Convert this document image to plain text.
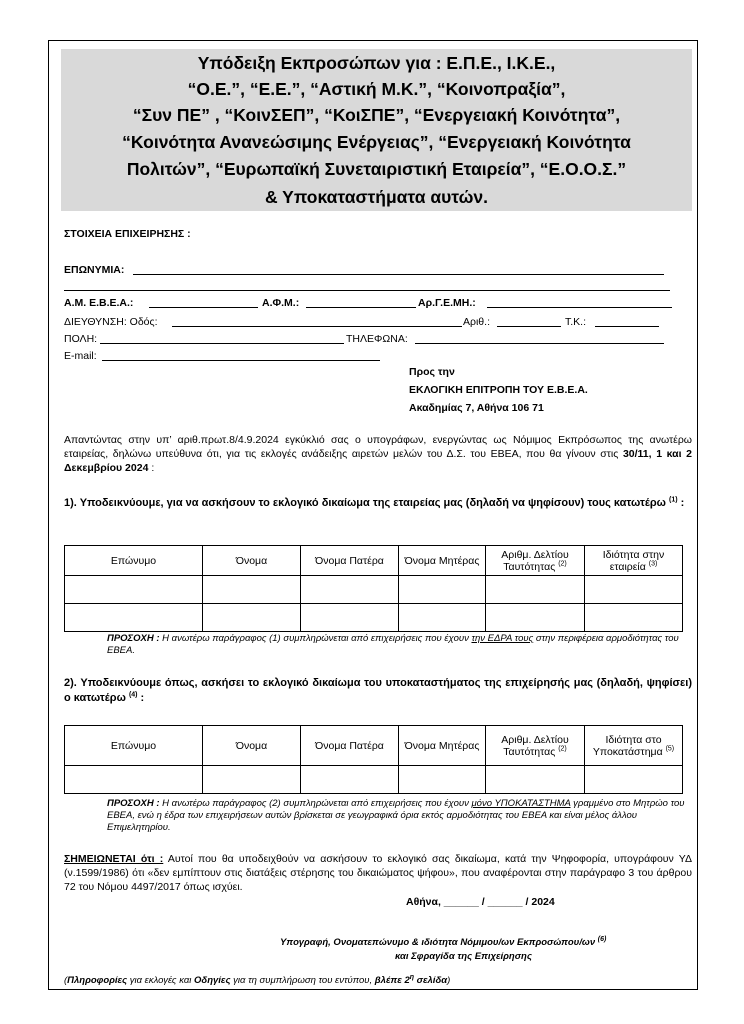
Υπόδειξη Εκπροσώπων για : Ε.Π.Ε., Ι.Κ.Ε.,
“Ο.Ε.”, “Ε.Ε.”, “Αστική Μ.Κ.”, “Κοινοπραξία”,
“Συν ΠΕ” , “ΚοινΣΕΠ”, “ΚοιΣΠΕ”, “Ενεργειακή Κοινότητα”,
“Κοινότητα Ανανεώσιμης Ενέργειας”, “Ενεργειακή Κοινότητα
Πολιτών”, “Ευρωπαϊκή Συνεταιριστική Εταιρεία”, “Ε.Ο.Ο.Σ.”
& Υποκαταστήματα αυτών.
ΣΤΟΙΧΕΙΑ ΕΠΙΧΕΙΡΗΣΗΣ :
ΕΠΩΝΥΜΙΑ:
Α.Μ. Ε.Β.Ε.Α.:	Α.Φ.Μ.:	Αρ.Γ.Ε.ΜΗ.:
ΔΙΕΥΘΥΝΣΗ: Οδός:	Αριθ.:	Τ.Κ.:
ΠΟΛΗ:	ΤΗΛΕΦΩΝΑ:
E-mail:
Προς την
ΕΚΛΟΓΙΚΗ ΕΠΙΤΡΟΠΗ ΤΟΥ Ε.Β.Ε.Α.
Ακαδημίας 7, Αθήνα 106 71
Απαντώντας στην υπ’ αριθ.πρωτ.8/4.9.2024 εγκύκλιό σας ο υπογράφων, ενεργώντας ως Νόμιμος Εκπρόσωπος της ανωτέρω εταιρείας, δηλώνω υπεύθυνα ότι, για τις εκλογές ανάδειξης αιρετών μελών του Δ.Σ. του ΕΒΕΑ, που θα γίνουν στις 30/11, 1 και 2 Δεκεμβρίου 2024 :
1). Υποδεικνύουμε, για να ασκήσουν το εκλογικό δικαίωμα της εταιρείας μας (δηλαδή να ψηφίσουν) τους κατωτέρω $^{(1)}$ :
Επώνυμο	Όνομα	Όνομα Πατέρα	Όνομα Μητέρας	Αριθμ. Δελτίου Ταυτότητας $^{(2)}$	Ιδιότητα στην εταιρεία $^{(3)}$

ΠΡΟΣΟΧΗ : Η ανωτέρω παράγραφος (1) συμπληρώνεται από επιχειρήσεις που έχουν την ΕΔΡΑ τους στην περιφέρεια αρμοδιότητας του ΕΒΕΑ.
2). Υποδεικνύουμε όπως, ασκήσει το εκλογικό δικαίωμα του υποκαταστήματος της επιχείρησής μας (δηλαδή, ψηφίσει) ο κατωτέρω $^{(4)}$ :
Επώνυμο	Όνομα	Όνομα Πατέρα	Όνομα Μητέρας	Αριθμ. Δελτίου Ταυτότητας $^{(2)}$	Ιδιότητα στο Υποκατάστημα $^{(5)}$

ΠΡΟΣΟΧΗ : Η ανωτέρω παράγραφος (2) συμπληρώνεται από επιχειρήσεις που έχουν μόνο ΥΠΟΚΑΤΑΣΤΗΜΑ γραμμένο στο Μητρώο του ΕΒΕΑ, ενώ η έδρα των επιχειρήσεων αυτών βρίσκεται σε γεωγραφικά όρια εκτός αρμοδιότητας του ΕΒΕΑ και είναι μέλος άλλου Επιμελητηρίου.
ΣΗΜΕΙΩΝΕΤΑΙ ότι : Αυτοί που θα υποδειχθούν να ασκήσουν το εκλογικό σας δικαίωμα, κατά την Ψηφοφορία, υπογράφουν ΥΔ (ν.1599/1986) ότι «δεν εμπίπτουν στις διατάξεις στέρησης του δικαιώματος ψήφου», που αναφέρονται στην παράγραφο 3 του άρθρου 72 του Νόμου 4497/2017 όπως ισχύει.
Αθήνα, ______ / ______ / 2024
Υπογραφή, Ονοματεπώνυμο & ιδιότητα Νόμιμου/ων Εκπροσώπου/ων $^{(6)}$
και Σφραγίδα της Επιχείρησης
(Πληροφορίες για εκλογές και Οδηγίες για τη συμπλήρωση του εντύπου, βλέπε $2^\eta$ σελίδα)
